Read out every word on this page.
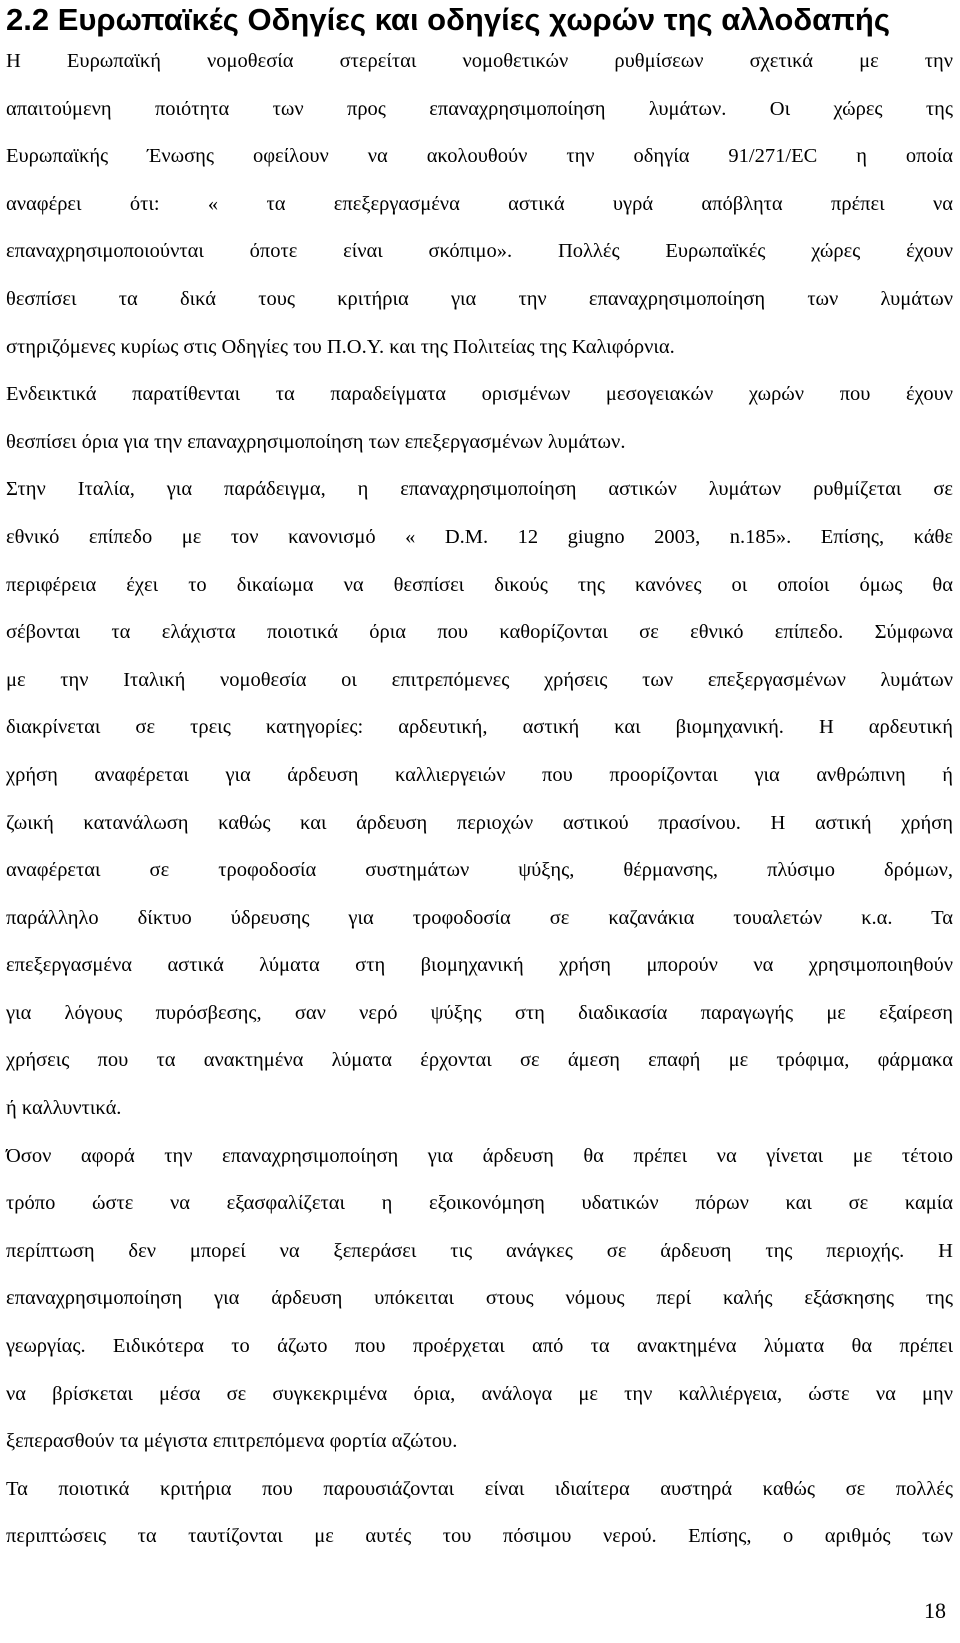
2.2 Ευρωπαϊκές Οδηγίες και οδηγίες χωρών της αλλοδαπής

Η Ευρωπαϊκή νομοθεσία στερείται νομοθετικών ρυθμίσεων σχετικά με την
απαιτούμενη ποιότητα των προς επαναχρησιμοποίηση λυμάτων. Οι χώρες της
Ευρωπαϊκής Ένωσης οφείλουν να ακολουθούν την οδηγία 91/271/EC η οποία
αναφέρει ότι: « τα επεξεργασμένα αστικά υγρά απόβλητα πρέπει να
επαναχρησιμοποιούνται όποτε είναι σκόπιμο». Πολλές Ευρωπαϊκές χώρες έχουν
θεσπίσει τα δικά τους κριτήρια για την επαναχρησιμοποίηση των λυμάτων
στηριζόμενες κυρίως στις Οδηγίες του Π.Ο.Υ. και της Πολιτείας της Καλιφόρνια.
Ενδεικτικά παρατίθενται τα παραδείγματα ορισμένων μεσογειακών χωρών που έχουν
θεσπίσει όρια για την επαναχρησιμοποίηση των επεξεργασμένων λυμάτων.

Στην Ιταλία, για παράδειγμα, η επαναχρησιμοποίηση αστικών λυμάτων ρυθμίζεται σε
εθνικό επίπεδο με τον κανονισμό « D.M. 12 giugno 2003, n.185». Επίσης, κάθε
περιφέρεια έχει το δικαίωμα να θεσπίσει δικούς της κανόνες οι οποίοι όμως θα
σέβονται τα ελάχιστα ποιοτικά όρια που καθορίζονται σε εθνικό επίπεδο. Σύμφωνα
με την Ιταλική νομοθεσία οι επιτρεπόμενες χρήσεις των επεξεργασμένων λυμάτων
διακρίνεται σε τρεις κατηγορίες: αρδευτική, αστική και βιομηχανική. Η αρδευτική
χρήση αναφέρεται για άρδευση καλλιεργειών που προορίζονται για ανθρώπινη ή
ζωική κατανάλωση καθώς και άρδευση περιοχών αστικού πρασίνου. Η αστική χρήση
αναφέρεται σε τροφοδοσία συστημάτων ψύξης, θέρμανσης, πλύσιμο δρόμων,
παράλληλο δίκτυο ύδρευσης για τροφοδοσία σε καζανάκια τουαλετών κ.α. Τα
επεξεργασμένα αστικά λύματα στη βιομηχανική χρήση μπορούν να χρησιμοποιηθούν
για λόγους πυρόσβεσης, σαν νερό ψύξης στη διαδικασία παραγωγής με εξαίρεση
χρήσεις που τα ανακτημένα λύματα έρχονται σε άμεση επαφή με τρόφιμα, φάρμακα
ή καλλυντικά.

Όσον αφορά την επαναχρησιμοποίηση για άρδευση θα πρέπει να γίνεται με τέτοιο
τρόπο ώστε να εξασφαλίζεται η εξοικονόμηση υδατικών πόρων και σε καμία
περίπτωση δεν μπορεί να ξεπεράσει τις ανάγκες σε άρδευση της περιοχής. Η
επαναχρησιμοποίηση για άρδευση υπόκειται στους νόμους περί καλής εξάσκησης της
γεωργίας. Ειδικότερα το άζωτο που προέρχεται από τα ανακτημένα λύματα θα πρέπει
να βρίσκεται μέσα σε συγκεκριμένα όρια, ανάλογα με την καλλιέργεια, ώστε να μην
ξεπερασθούν τα μέγιστα επιτρεπόμενα φορτία αζώτου.

Τα ποιοτικά κριτήρια που παρουσιάζονται είναι ιδιαίτερα αυστηρά καθώς σε πολλές
περιπτώσεις τα ταυτίζονται με αυτές του πόσιμου νερού. Επίσης, ο αριθμός των

18
